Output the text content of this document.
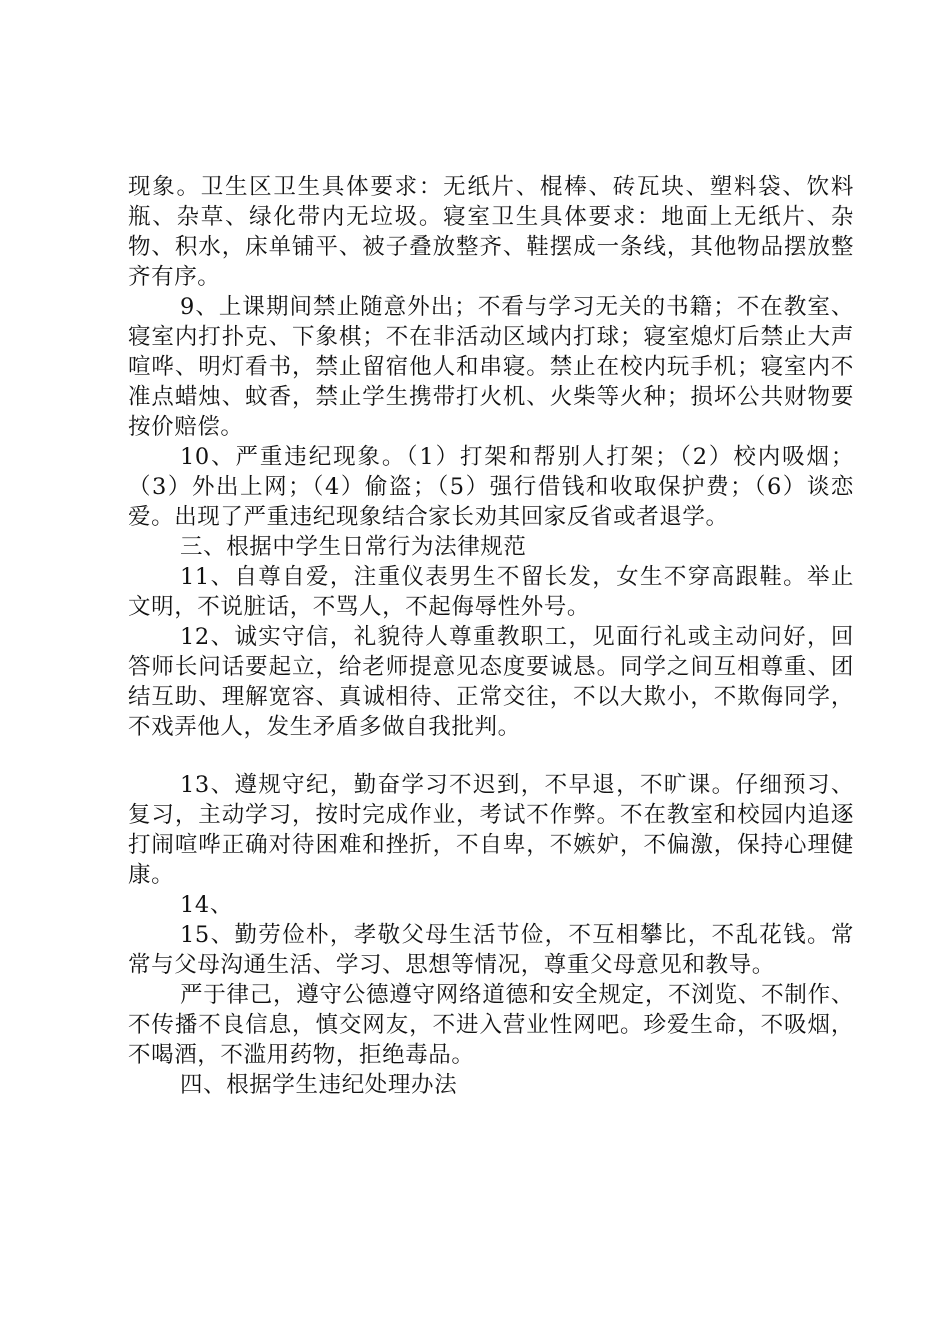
现象。卫生区卫生具体要求：无纸片、棍棒、砖瓦块、塑料袋、饮料瓶、杂草、绿化带内无垃圾。寝室卫生具体要求：地面上无纸片、杂物、积水，床单铺平、被子叠放整齐、鞋摆成一条线，其他物品摆放整齐有序。

9、上课期间禁止随意外出；不看与学习无关的书籍；不在教室、寝室内打扑克、下象棋；不在非活动区域内打球；寝室熄灯后禁止大声喧哗、明灯看书，禁止留宿他人和串寝。禁止在校内玩手机；寝室内不准点蜡烛、蚊香，禁止学生携带打火机、火柴等火种；损坏公共财物要按价赔偿。

10、严重违纪现象。（1）打架和帮别人打架；（2）校内吸烟；（3）外出上网；（4）偷盗；（5）强行借钱和收取保护费；（6）谈恋爱。出现了严重违纪现象结合家长劝其回家反省或者退学。

三、根据中学生日常行为法律规范

11、自尊自爱，注重仪表男生不留长发，女生不穿高跟鞋。举止文明，不说脏话，不骂人，不起侮辱性外号。

12、诚实守信，礼貌待人尊重教职工，见面行礼或主动问好，回答师长问话要起立，给老师提意见态度要诚恳。同学之间互相尊重、团结互助、理解宽容、真诚相待、正常交往，不以大欺小，不欺侮同学，不戏弄他人，发生矛盾多做自我批判。

13、遵规守纪，勤奋学习不迟到，不早退，不旷课。仔细预习、复习，主动学习，按时完成作业，考试不作弊。不在教室和校园内追逐打闹喧哗正确对待困难和挫折，不自卑，不嫉妒，不偏激，保持心理健康。

14、

15、勤劳俭朴，孝敬父母生活节俭，不互相攀比，不乱花钱。常常与父母沟通生活、学习、思想等情况，尊重父母意见和教导。

严于律己，遵守公德遵守网络道德和安全规定，不浏览、不制作、不传播不良信息，慎交网友，不进入营业性网吧。珍爱生命，不吸烟，不喝酒，不滥用药物，拒绝毒品。

四、根据学生违纪处理办法
